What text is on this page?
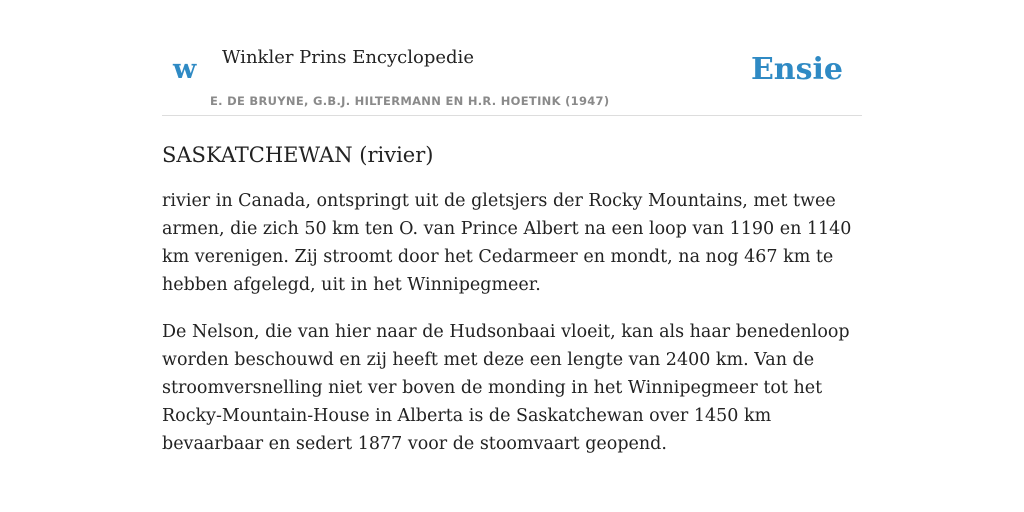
w Winkler Prins Encyclopedie
E. DE BRUYNE, G.B.J. HILTERMANN EN H.R. HOETINK (1947)
Ensie
SASKATCHEWAN (rivier)

rivier in Canada, ontspringt uit de gletsjers der Rocky Mountains, met twee armen, die zich 50 km ten O. van Prince Albert na een loop van 1190 en 1140 km verenigen. Zij stroomt door het Cedarmeer en mondt, na nog 467 km te hebben afgelegd, uit in het Winnipegmeer.

De Nelson, die van hier naar de Hudsonbaai vloeit, kan als haar benedenloop worden beschouwd en zij heeft met deze een lengte van 2400 km. Van de stroomversnelling niet ver boven de monding in het Winnipegmeer tot het Rocky-Mountain-House in Alberta is de Saskatchewan over 1450 km bevaarbaar en sedert 1877 voor de stoomvaart geopend.
